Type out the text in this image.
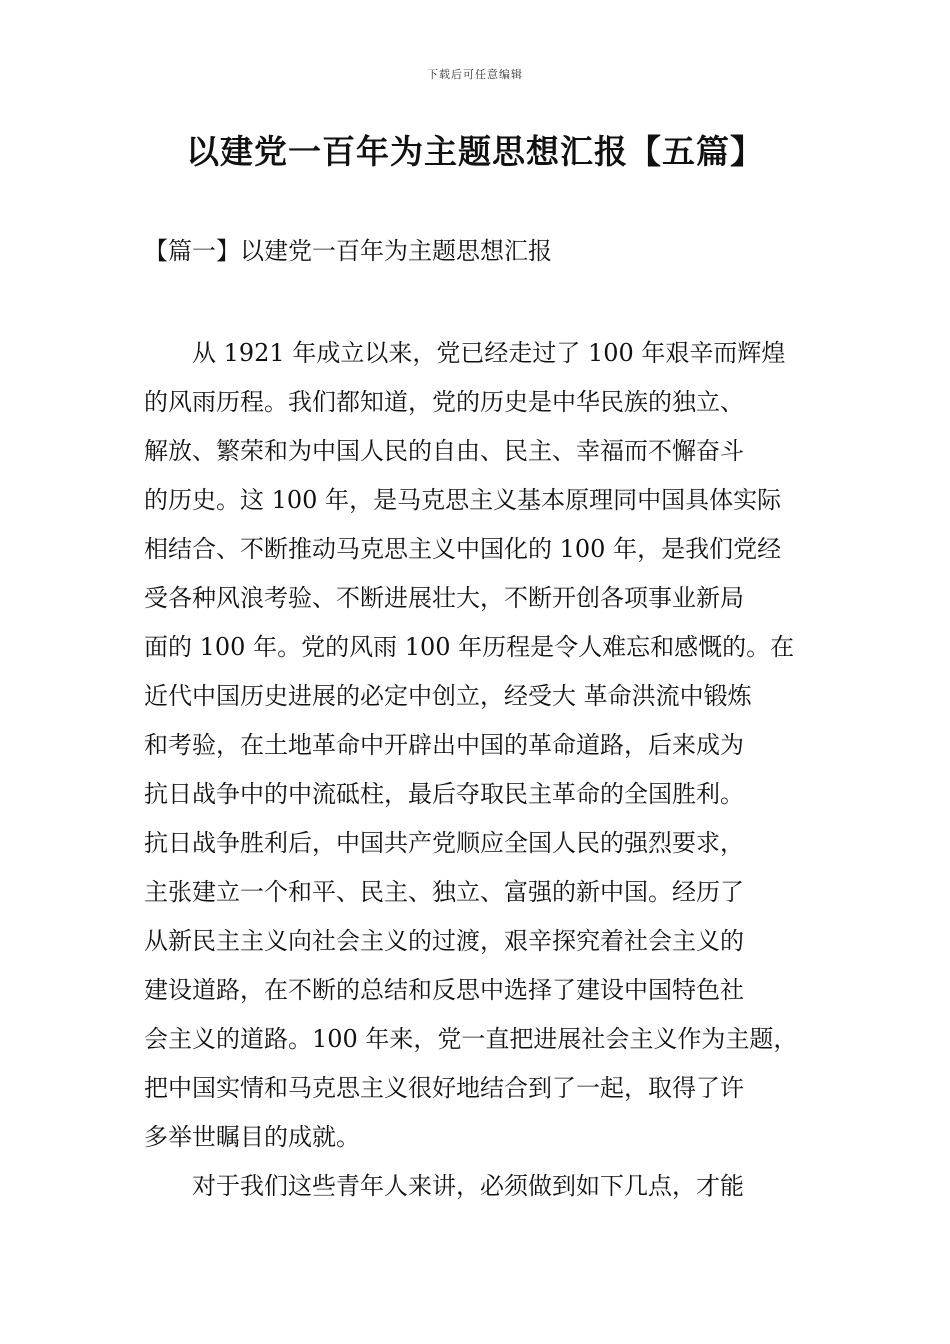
下载后可任意编辑
以建党一百年为主题思想汇报【五篇】
【篇一】以建党一百年为主题思想汇报
从 1921 年成立以来，党已经走过了 100 年艰辛而辉煌
的风雨历程。我们都知道，党的历史是中华民族的独立、
解放、繁荣和为中国人民的自由、民主、幸福而不懈奋斗
的历史。这 100 年，是马克思主义基本原理同中国具体实际
相结合、不断推动马克思主义中国化的 100 年，是我们党经
受各种风浪考验、不断进展壮大，不断开创各项事业新局
面的 100 年。党的风雨 100 年历程是令人难忘和感慨的。在
近代中国历史进展的必定中创立，经受大 革命洪流中锻炼
和考验，在土地革命中开辟出中国的革命道路，后来成为
抗日战争中的中流砥柱，最后夺取民主革命的全国胜利。
抗日战争胜利后，中国共产党顺应全国人民的强烈要求，
主张建立一个和平、民主、独立、富强的新中国。经历了
从新民主主义向社会主义的过渡，艰辛探究着社会主义的
建设道路，在不断的总结和反思中选择了建设中国特色社
会主义的道路。100 年来，党一直把进展社会主义作为主题，
把中国实情和马克思主义很好地结合到了一起，取得了许
多举世瞩目的成就。
对于我们这些青年人来讲，必须做到如下几点，才能
